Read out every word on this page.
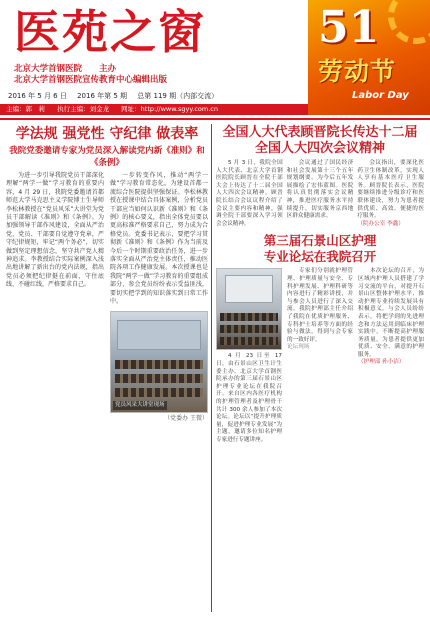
医苑之窗
北京大学首钢医院　　主办
北京大学首钢医院宣传教育中心编辑出版
2016 年 5 月 6 日 2016 年第 5 期 总第 119 期（内部交流）
主编：郭　莉 执行主编：刘金龙 网址：http://www.sgyy.com.cn
51
劳动节
Labor Day
学法规 强党性 守纪律 做表率
我院党委邀请专家为党员深入解读党内新《准则》和《条例》

为进一步引导我院党员干部深化理解“两学一做”学习教育的重要内容，4 月 29 日，我院党委邀请首都师范大学马克思主义学院博士生导师李松林教授在“党员风采”大讲堂为党员干部解读《准则》和《条例》。为加强领导干部作风建设，全面从严治党，党员、干部要自觉遵守党章，严守纪律规矩，牢记“两个务必”，切实做到坚定理想信念，坚守共产党人精神追求。李教授结合实际案例深入浅出地讲解了新出台的党内法规，指出党员必须把纪律挺在前面，守住底线、不碰红线，严格要求自己。

一步转变作风，推动“两学一做”学习教育常态化，为建设首都一流综合医院提供坚强保证。李松林教授在授课中结合具体案例，分析党员干部应当如何认识新《准则》和《条例》的核心要义，指出全体党员要以更高标准严格要求自己，努力成为合格党员。党委书记表示，要把学习贯彻新《准则》和《条例》作为当前及今后一个时期重要政治任务，进一步落实全面从严治党主体责任，推动医院各项工作健康发展。本次授课也是我院“两学一做”学习教育的重要组成部分，参会党员纷纷表示受益匪浅，要切实把学到的知识落实到日常工作中。

党员风采大讲堂现场
（党委办 王微）
全国人大代表顾晋院长传达十二届
全国人大四次会议精神

5 月 3 日，我院全国人大代表、北京大学首钢医院院长顾晋在全院干部大会上传达了十二届全国人大四次会议精神。顾晋院长结合会议议程介绍了会议主要内容和精神，强调全院干部要深入学习领会会议精神。

会议通过了国民经济和社会发展第十三个五年规划纲要，为今后五年发展描绘了宏伟蓝图。医院将认真贯彻落实会议精神，推进医疗服务水平持续提升，切实服务京西地区群众健康需求。

会议指出，要深化医药卫生体制改革，实现人人享有基本医疗卫生服务。顾晋院长表示，医院要继续推进分级诊疗和医联体建设，努力为患者提供优质、高效、便捷的医疗服务。

（院办公室 李鑫）
第三届石景山区护理
专业论坛在我院召开

4 月 23 日至 17 日，由石景山区卫生计生委主办、北京大学首钢医院承办的第三届石景山区护理专业论坛在我院召开。来自区内各医疗机构的护理管理者及护理骨干共计 300 余人参加了本次论坛。论坛以“提升护理质量，促进护理专业发展”为主题，邀请多位知名护理专家进行专题讲座。

专家们分别就护理管理、护理质量与安全、专科护理发展、护理科研等内容进行了精彩讲授，并与参会人员进行了深入交流。我院护理部主任介绍了我院在优质护理服务、专科护士培养等方面的经验与做法，得到与会专家的一致好评。

论坛现场

本次论坛的召开，为区域内护理人员搭建了学习交流的平台，对提升石景山区整体护理水平、推动护理专业持续发展具有积极意义。与会人员纷纷表示，将把学到的先进理念和方法运用到临床护理实践中，不断提高护理服务质量，为患者提供更加优质、安全、满意的护理服务。

（护理部 孙小洁）
